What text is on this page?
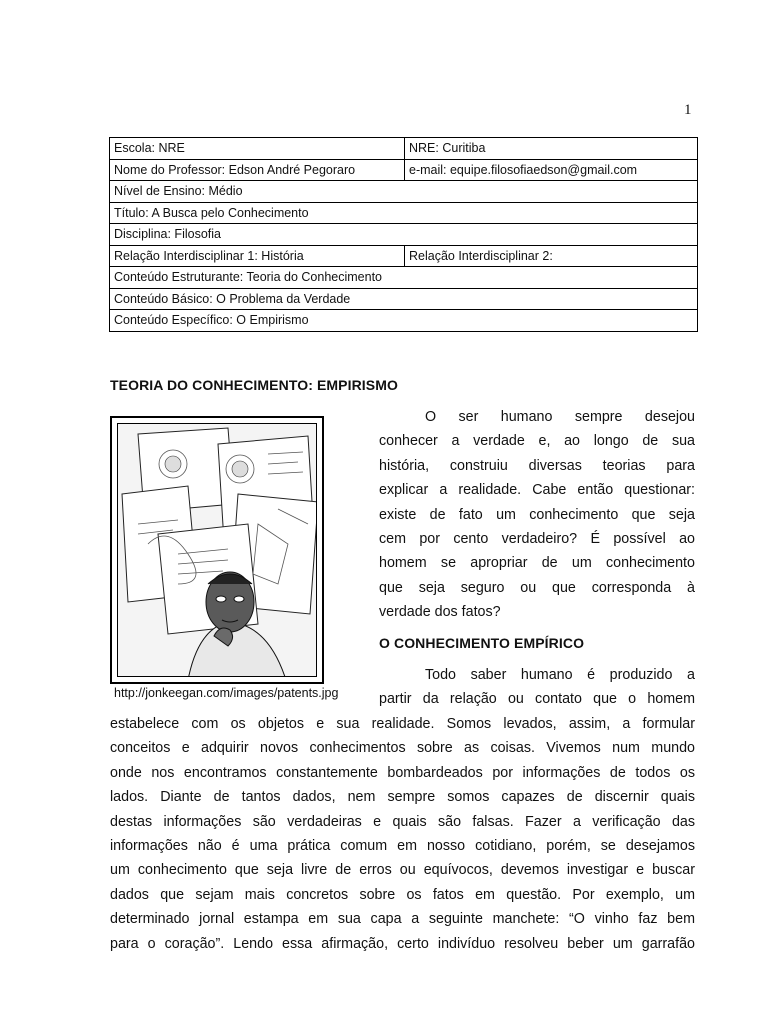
1
Escola: NRE	NRE: Curitiba
Nome do Professor: Edson André Pegoraro	e-mail: equipe.filosofiaedson@gmail.com
Nível de Ensino: Médio	
Título: A Busca pelo Conhecimento	
Disciplina: Filosofia	
Relação Interdisciplinar 1: História	Relação Interdisciplinar 2:
Conteúdo Estruturante: Teoria do Conhecimento	
Conteúdo Básico: O Problema da Verdade	
Conteúdo Específico: O Empirismo	
TEORIA DO CONHECIMENTO: EMPIRISMO
http://jonkeegan.com/images/patents.jpg
O ser humano sempre desejou
conhecer a verdade e, ao longo de sua
história, construiu diversas teorias para
explicar a realidade. Cabe então questionar:
existe de fato um conhecimento que seja
cem por cento verdadeiro? É possível ao
homem se apropriar de um conhecimento
que seja seguro ou que corresponda à
verdade dos fatos?
O CONHECIMENTO EMPÍRICO
Todo saber humano é produzido a
partir da relação ou contato que o homem
estabelece com os objetos e sua realidade. Somos levados, assim, a formular
conceitos e adquirir novos conhecimentos sobre as coisas. Vivemos num mundo
onde nos encontramos constantemente bombardeados por informações de todos os
lados. Diante de tantos dados, nem sempre somos capazes de discernir quais
destas informações são verdadeiras e quais são falsas. Fazer a verificação das
informações não é uma prática comum em nosso cotidiano, porém, se desejamos
um conhecimento que seja livre de erros ou equívocos, devemos investigar e buscar
dados que sejam mais concretos sobre os fatos em questão. Por exemplo, um
determinado jornal estampa em sua capa a seguinte manchete: “O vinho faz bem
para o coração”. Lendo essa afirmação, certo indivíduo resolveu beber um garrafão
